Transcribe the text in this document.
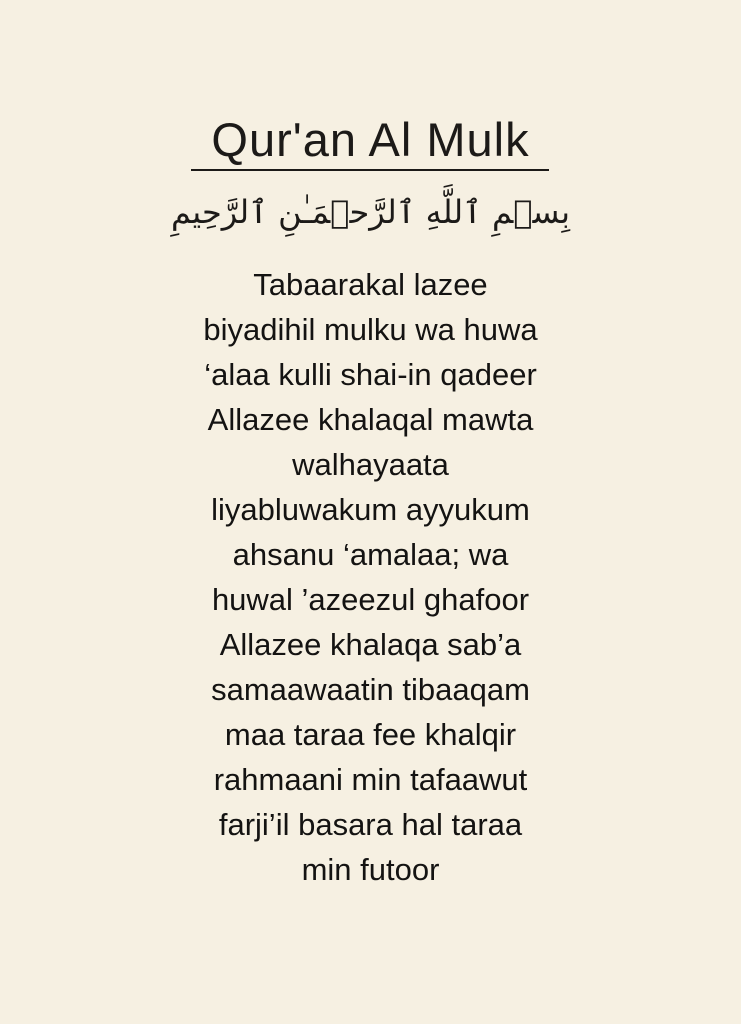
Qur'an Al Mulk
بِسۡمِ ٱللَّهِ ٱلرَّحۡمَـٰنِ ٱلرَّحِيمِ
Tabaarakal lazee
biyadihil mulku wa huwa
‘alaa kulli shai-in qadeer
Allazee khalaqal mawta
walhayaata
liyabluwakum ayyukum
ahsanu ‘amalaa; wa
huwal ’azeezul ghafoor
Allazee khalaqa sab’a
samaawaatin tibaaqam
maa taraa fee khalqir
rahmaani min tafaawut
farji’il basara hal taraa
min futoor
